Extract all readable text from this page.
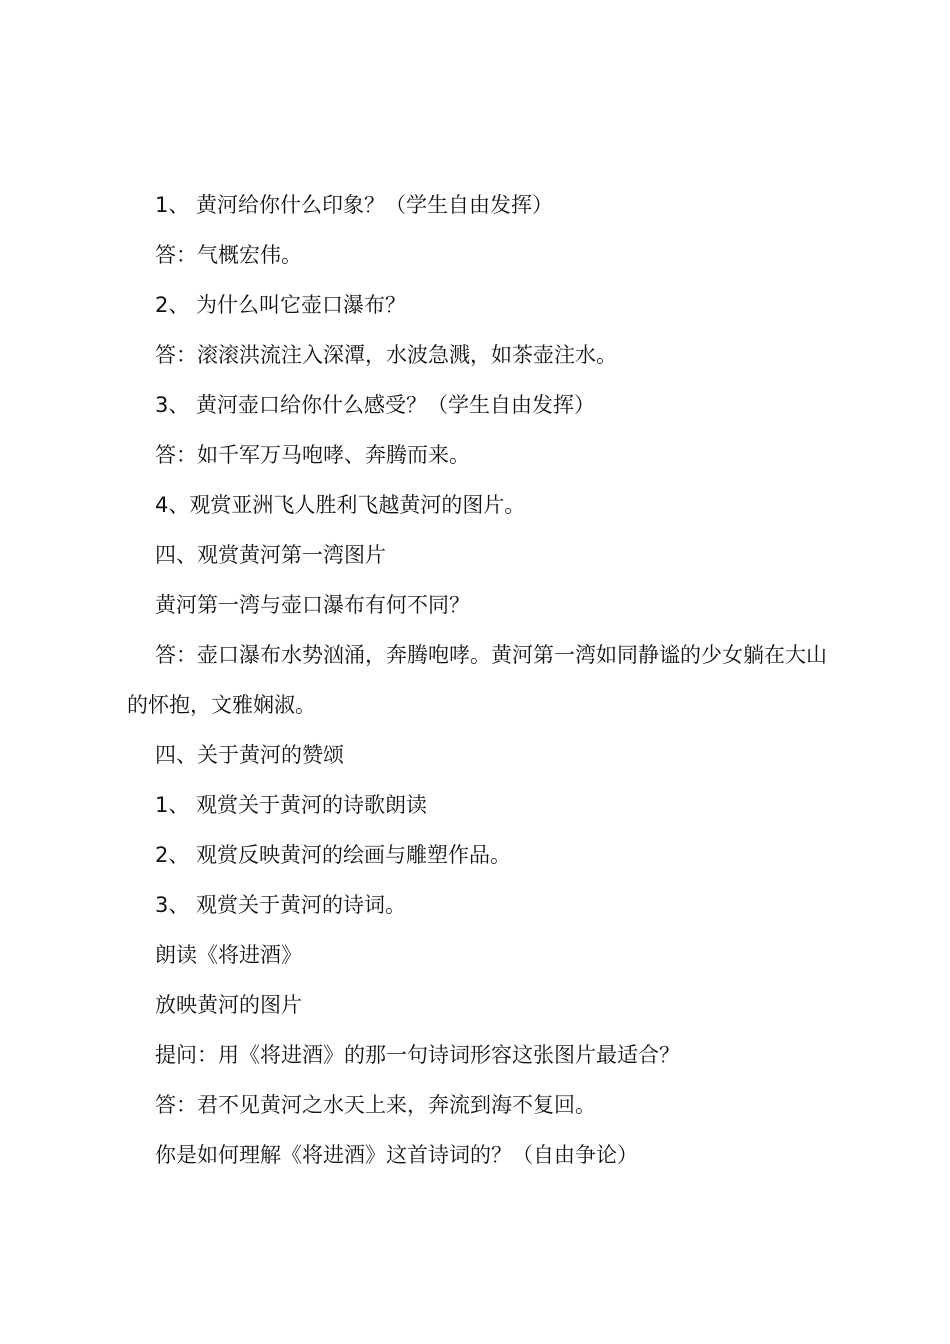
1、 黄河给你什么印象？（学生自由发挥）
答：气概宏伟。
2、 为什么叫它壶口瀑布？
答：滚滚洪流注入深潭，水波急溅，如茶壶注水。
3、 黄河壶口给你什么感受？（学生自由发挥）
答：如千军万马咆哮、奔腾而来。
4、观赏亚洲飞人胜利飞越黄河的图片。
四、观赏黄河第一湾图片
黄河第一湾与壶口瀑布有何不同？
答：壶口瀑布水势汹涌，奔腾咆哮。黄河第一湾如同静谧的少女躺在大山的怀抱，文雅娴淑。
四、关于黄河的赞颂
1、 观赏关于黄河的诗歌朗读
2、 观赏反映黄河的绘画与雕塑作品。
3、 观赏关于黄河的诗词。
朗读《将进酒》
放映黄河的图片
提问：用《将进酒》的那一句诗词形容这张图片最适合？
答：君不见黄河之水天上来，奔流到海不复回。
你是如何理解《将进酒》这首诗词的？（自由争论）
